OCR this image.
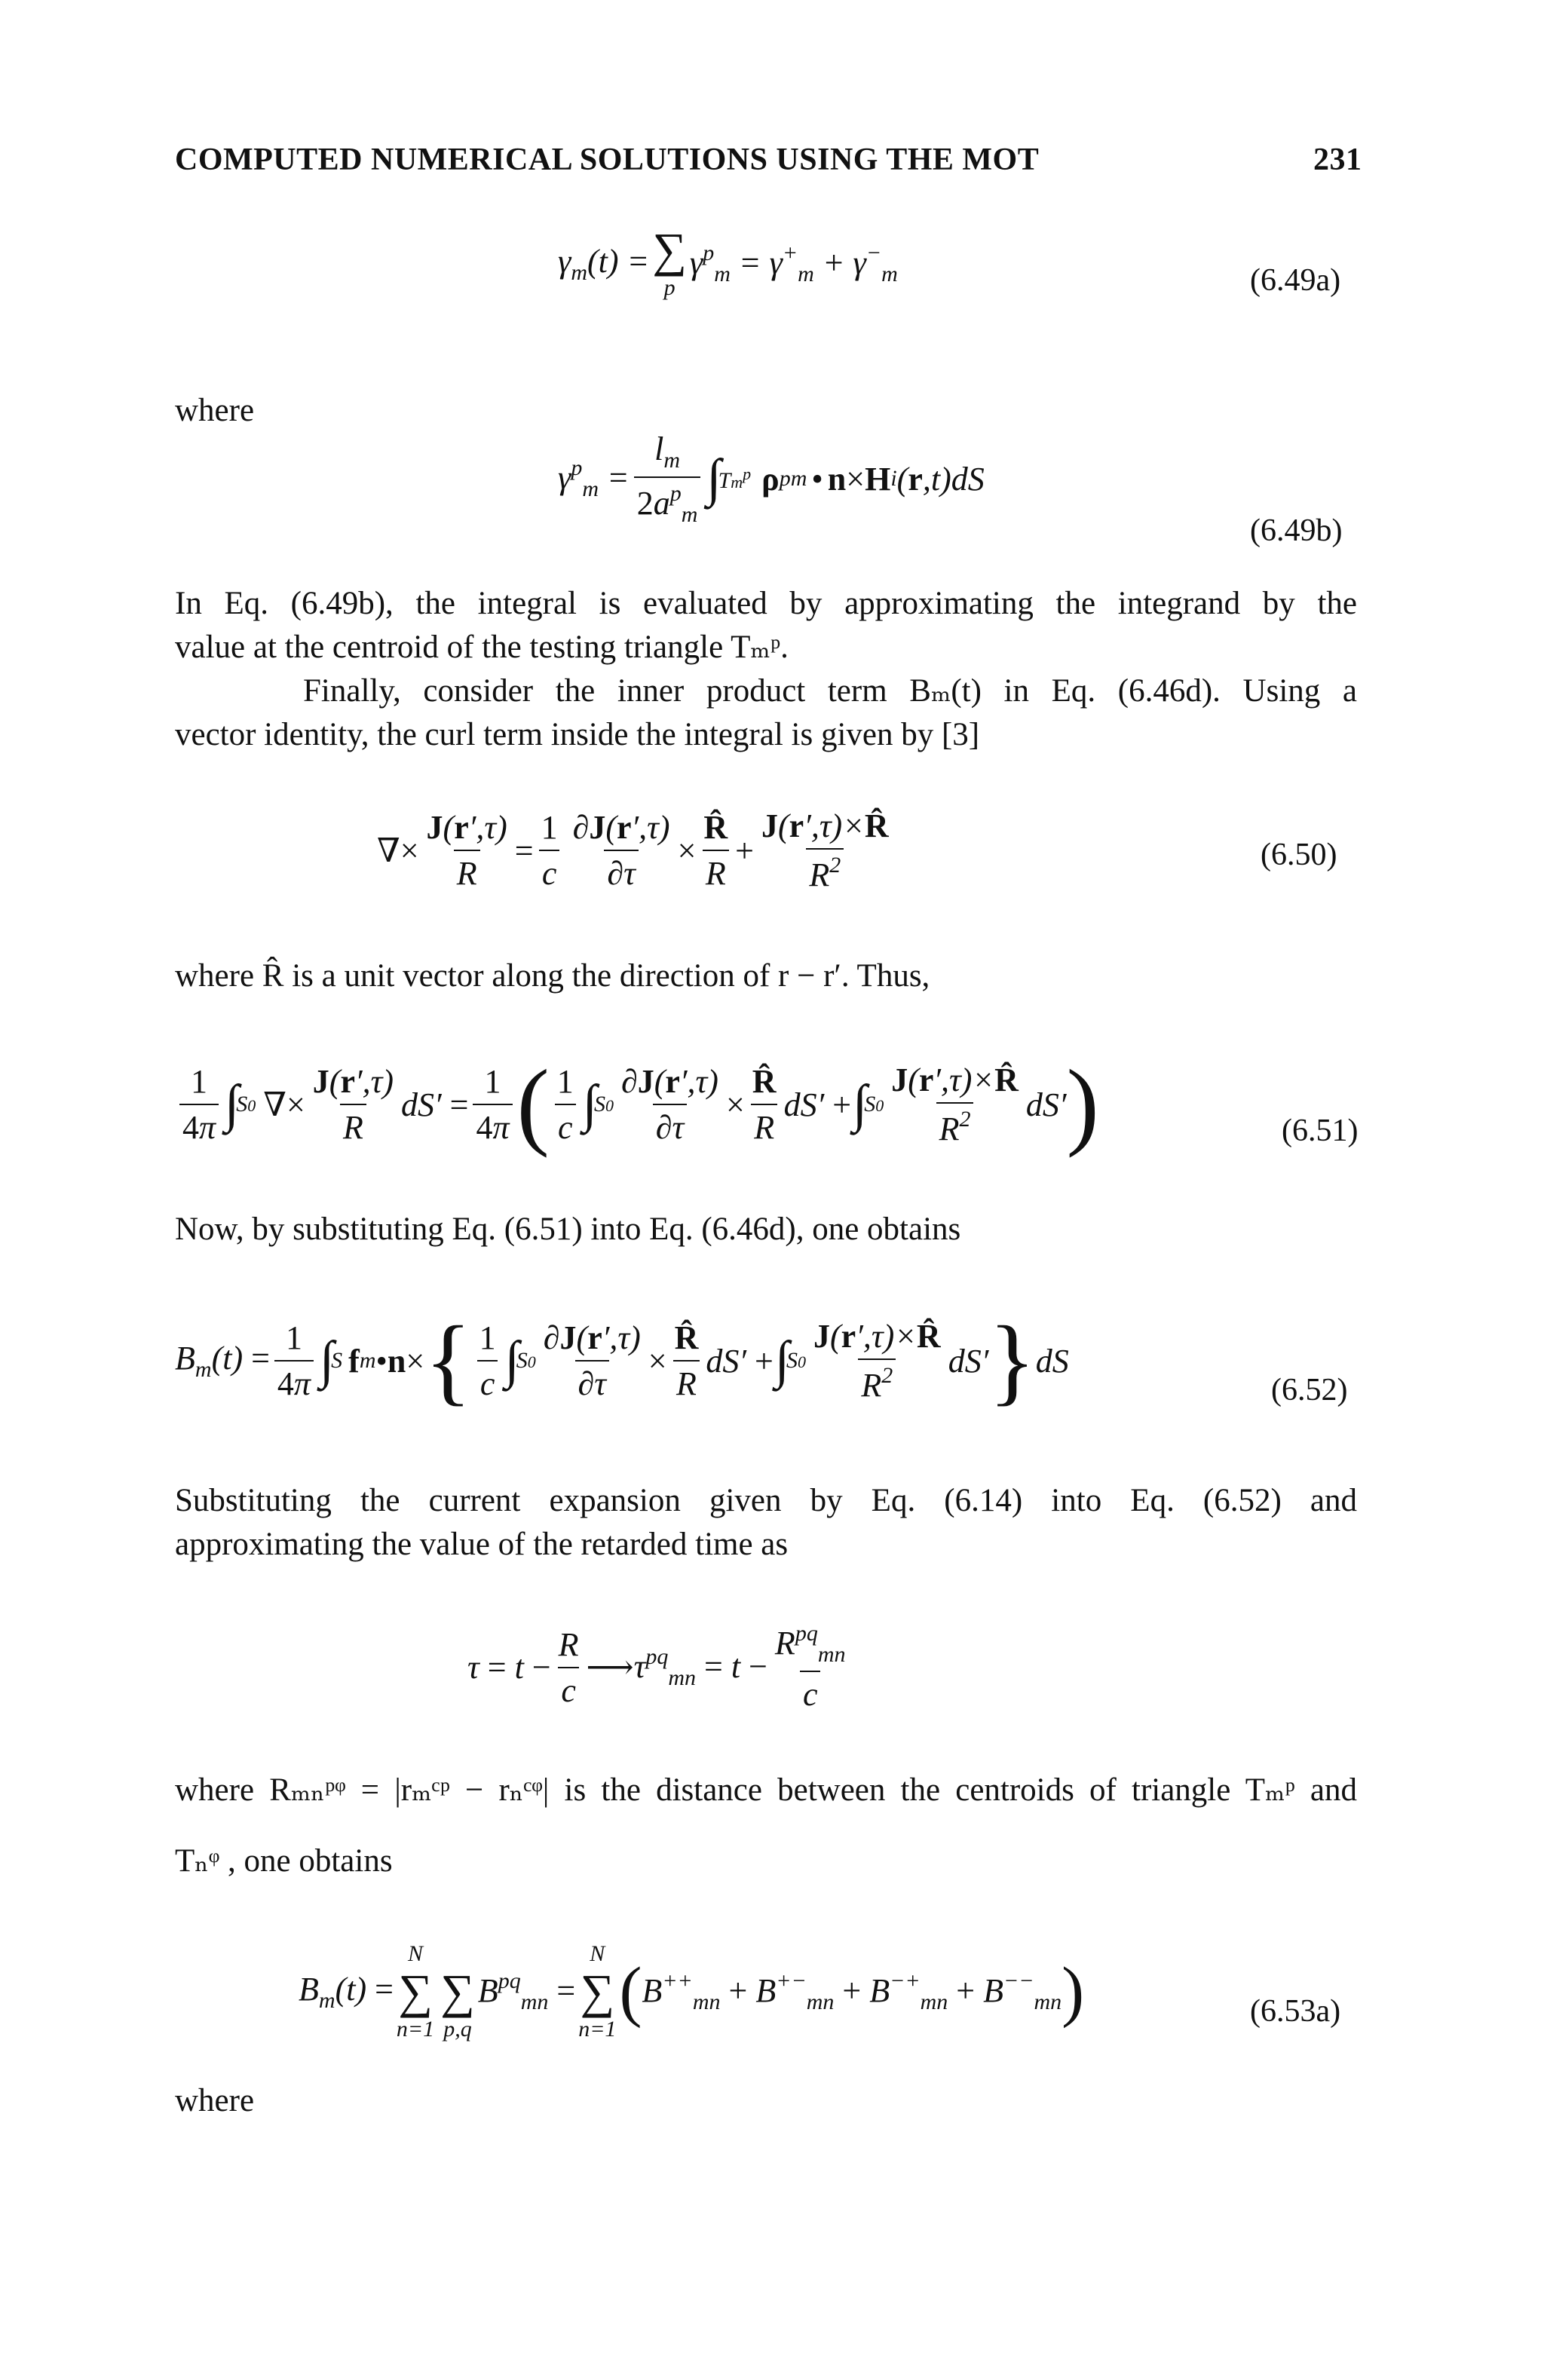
COMPUTED NUMERICAL SOLUTIONS USING THE MOT	231
$\gamma_m(t)$ = ∑
p
$\gamma^p_m = \gamma^+_m + \gamma^-_m$	(6.49a)
where
$\gamma^p_m = \frac{l_m}{2a^p_m}$ ∫
Tm$^p$ ρ p m • n × H i ( r ,t)dS
(6.49b)
In Eq. (6.49b), the integral is evaluated by approximating the integrand by the
value at the centroid of the testing triangle Tₘᵖ.
Finally, consider the inner product term Bₘ(t) in Eq. (6.46d). Using a
vector identity, the curl term inside the integral is given by [3]
∇× $\frac{J(r',\tau)}{R} = \frac{1}{c} \frac{\partial J(r',\tau)}{\partial\tau} \times \frac{R̂}{R} + \frac{J(r',\tau)\times R̂}{R^2}$	(6.50)
where R̂ is a unit vector along the direction of r − r′. Thus,
$\frac{1}{4\pi}$ ∫
S0 ∇× $\frac{J(r',\tau)}{R} dS' = \frac{1}{4\pi}$ ( $\frac{1}{c}$ ∫
$S0 \frac{\partial J(r',\tau)}{\partial\tau} \times \frac{R̂}{R} dS'$ + ∫
$S0 \frac{J(r',\tau)\times R̂}{R^2} dS'$ )	(6.51)
Now, by substituting Eq. (6.51) into Eq. (6.46d), one obtains
$B_m(t) = \frac{1}{4\pi}$ ∫
S f m • n × { $\frac{1}{c}$ ∫
$S0 \frac{\partial J(r',\tau)}{\partial\tau} \times \frac{R̂}{R} dS'$ + ∫
$S0 \frac{J(r',\tau)\times R̂}{R^2} dS'$ } dS
(6.52)
Substituting the current expansion given by Eq. (6.14) into Eq. (6.52) and
approximating the value of the retarded time as
$\tau = t - \frac{R}{c}$ ⟶ $\tau^{pq}_{mn} = t - \frac{R^{pq}_{mn}}{c}$
where Rₘₙᵖᵠ = |rₘᶜᵖ − rₙᶜᵠ| is the distance between the centroids of triangle Tₘᵖ and
Tₙᵠ , one obtains
$B_m(t)$ =
N
∑
n=1

∑
p,q
$B^{pq}_{mn}$ =
N
∑
n=1
( $B^{++}_{mn} + B^{+-}_{mn} + B^{-+}_{mn} + B^{--}_{mn}$ )	(6.53a)
where
